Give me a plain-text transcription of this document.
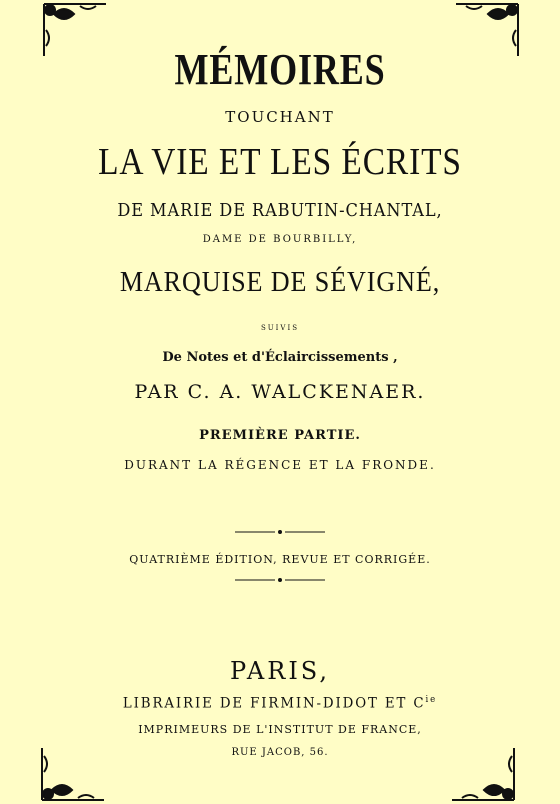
MÉMOIRES
TOUCHANT
LA VIE ET LES ÉCRITS
DE MARIE DE RABUTIN-CHANTAL,
DAME DE BOURBILLY,
MARQUISE DE SÉVIGNÉ,
SUIVIS
De Notes et d'Éclaircissements ,
PAR C. A. WALCKENAER.
PREMIÈRE PARTIE.
DURANT LA RÉGENCE ET LA FRONDE.
QUATRIÈME ÉDITION, REVUE ET CORRIGÉE.
PARIS,
LIBRAIRIE DE FIRMIN-DIDOT ET $C^{ie}$
IMPRIMEURS DE L'INSTITUT DE FRANCE,
RUE JACOB, 56.
